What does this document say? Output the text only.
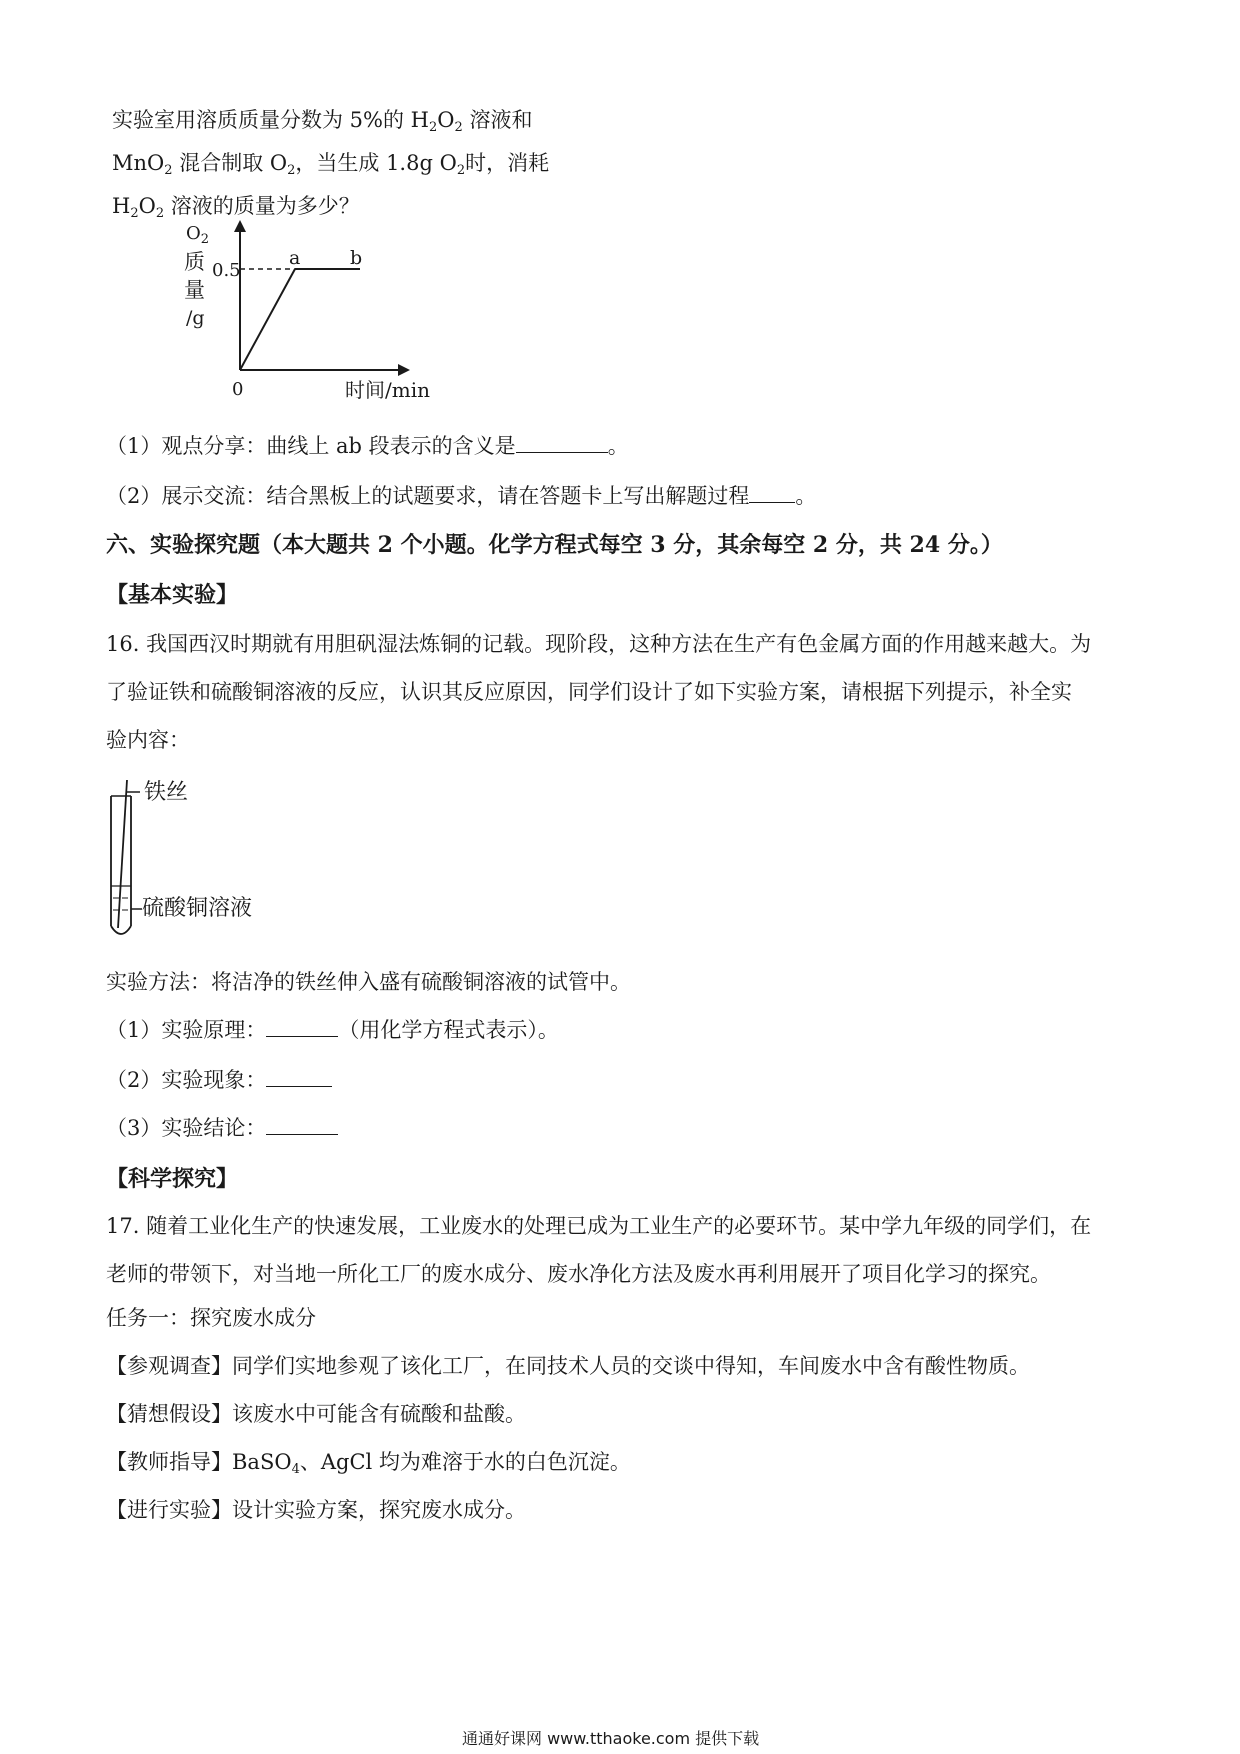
实验室用溶质质量分数为 5%的 $H_2O_2$ 溶液和
MnO$_2$ 混合制取 $O_2$，当生成 1.8g $O_2$时，消耗
$H_2O_2$ 溶液的质量为多少？
$O_2$
质
量
/g
0.5
0	时间/min
a	b
（1）观点分享：曲线上 ab 段表示的含义是	。
（2）展示交流：结合黑板上的试题要求，请在答题卡上写出解题过程 。
六、实验探究题（本大题共 2 个小题。化学方程式每空 3 分，其余每空 2 分，共 24 分。）
【基本实验】
16. 我国西汉时期就有用胆矾湿法炼铜的记载。现阶段，这种方法在生产有色金属方面的作用越来越大。为
了验证铁和硫酸铜溶液的反应，认识其反应原因，同学们设计了如下实验方案，请根据下列提示，补全实
验内容：
铁丝
硫酸铜溶液
实验方法：将洁净的铁丝伸入盛有硫酸铜溶液的试管中。
（1）实验原理：	（用化学方程式表示）。
（2）实验现象：
（3）实验结论：
【科学探究】
17. 随着工业化生产的快速发展，工业废水的处理已成为工业生产的必要环节。某中学九年级的同学们，在
老师的带领下，对当地一所化工厂的废水成分、废水净化方法及废水再利用展开了项目化学习的探究。
任务一：探究废水成分
【参观调查】同学们实地参观了该化工厂，在同技术人员的交谈中得知，车间废水中含有酸性物质。
【猜想假设】该废水中可能含有硫酸和盐酸。
【教师指导】BaSO$_4$、AgCl 均为难溶于水的白色沉淀。
【进行实验】设计实验方案，探究废水成分。
通通好课网 www.tthaoke.com 提供下载
